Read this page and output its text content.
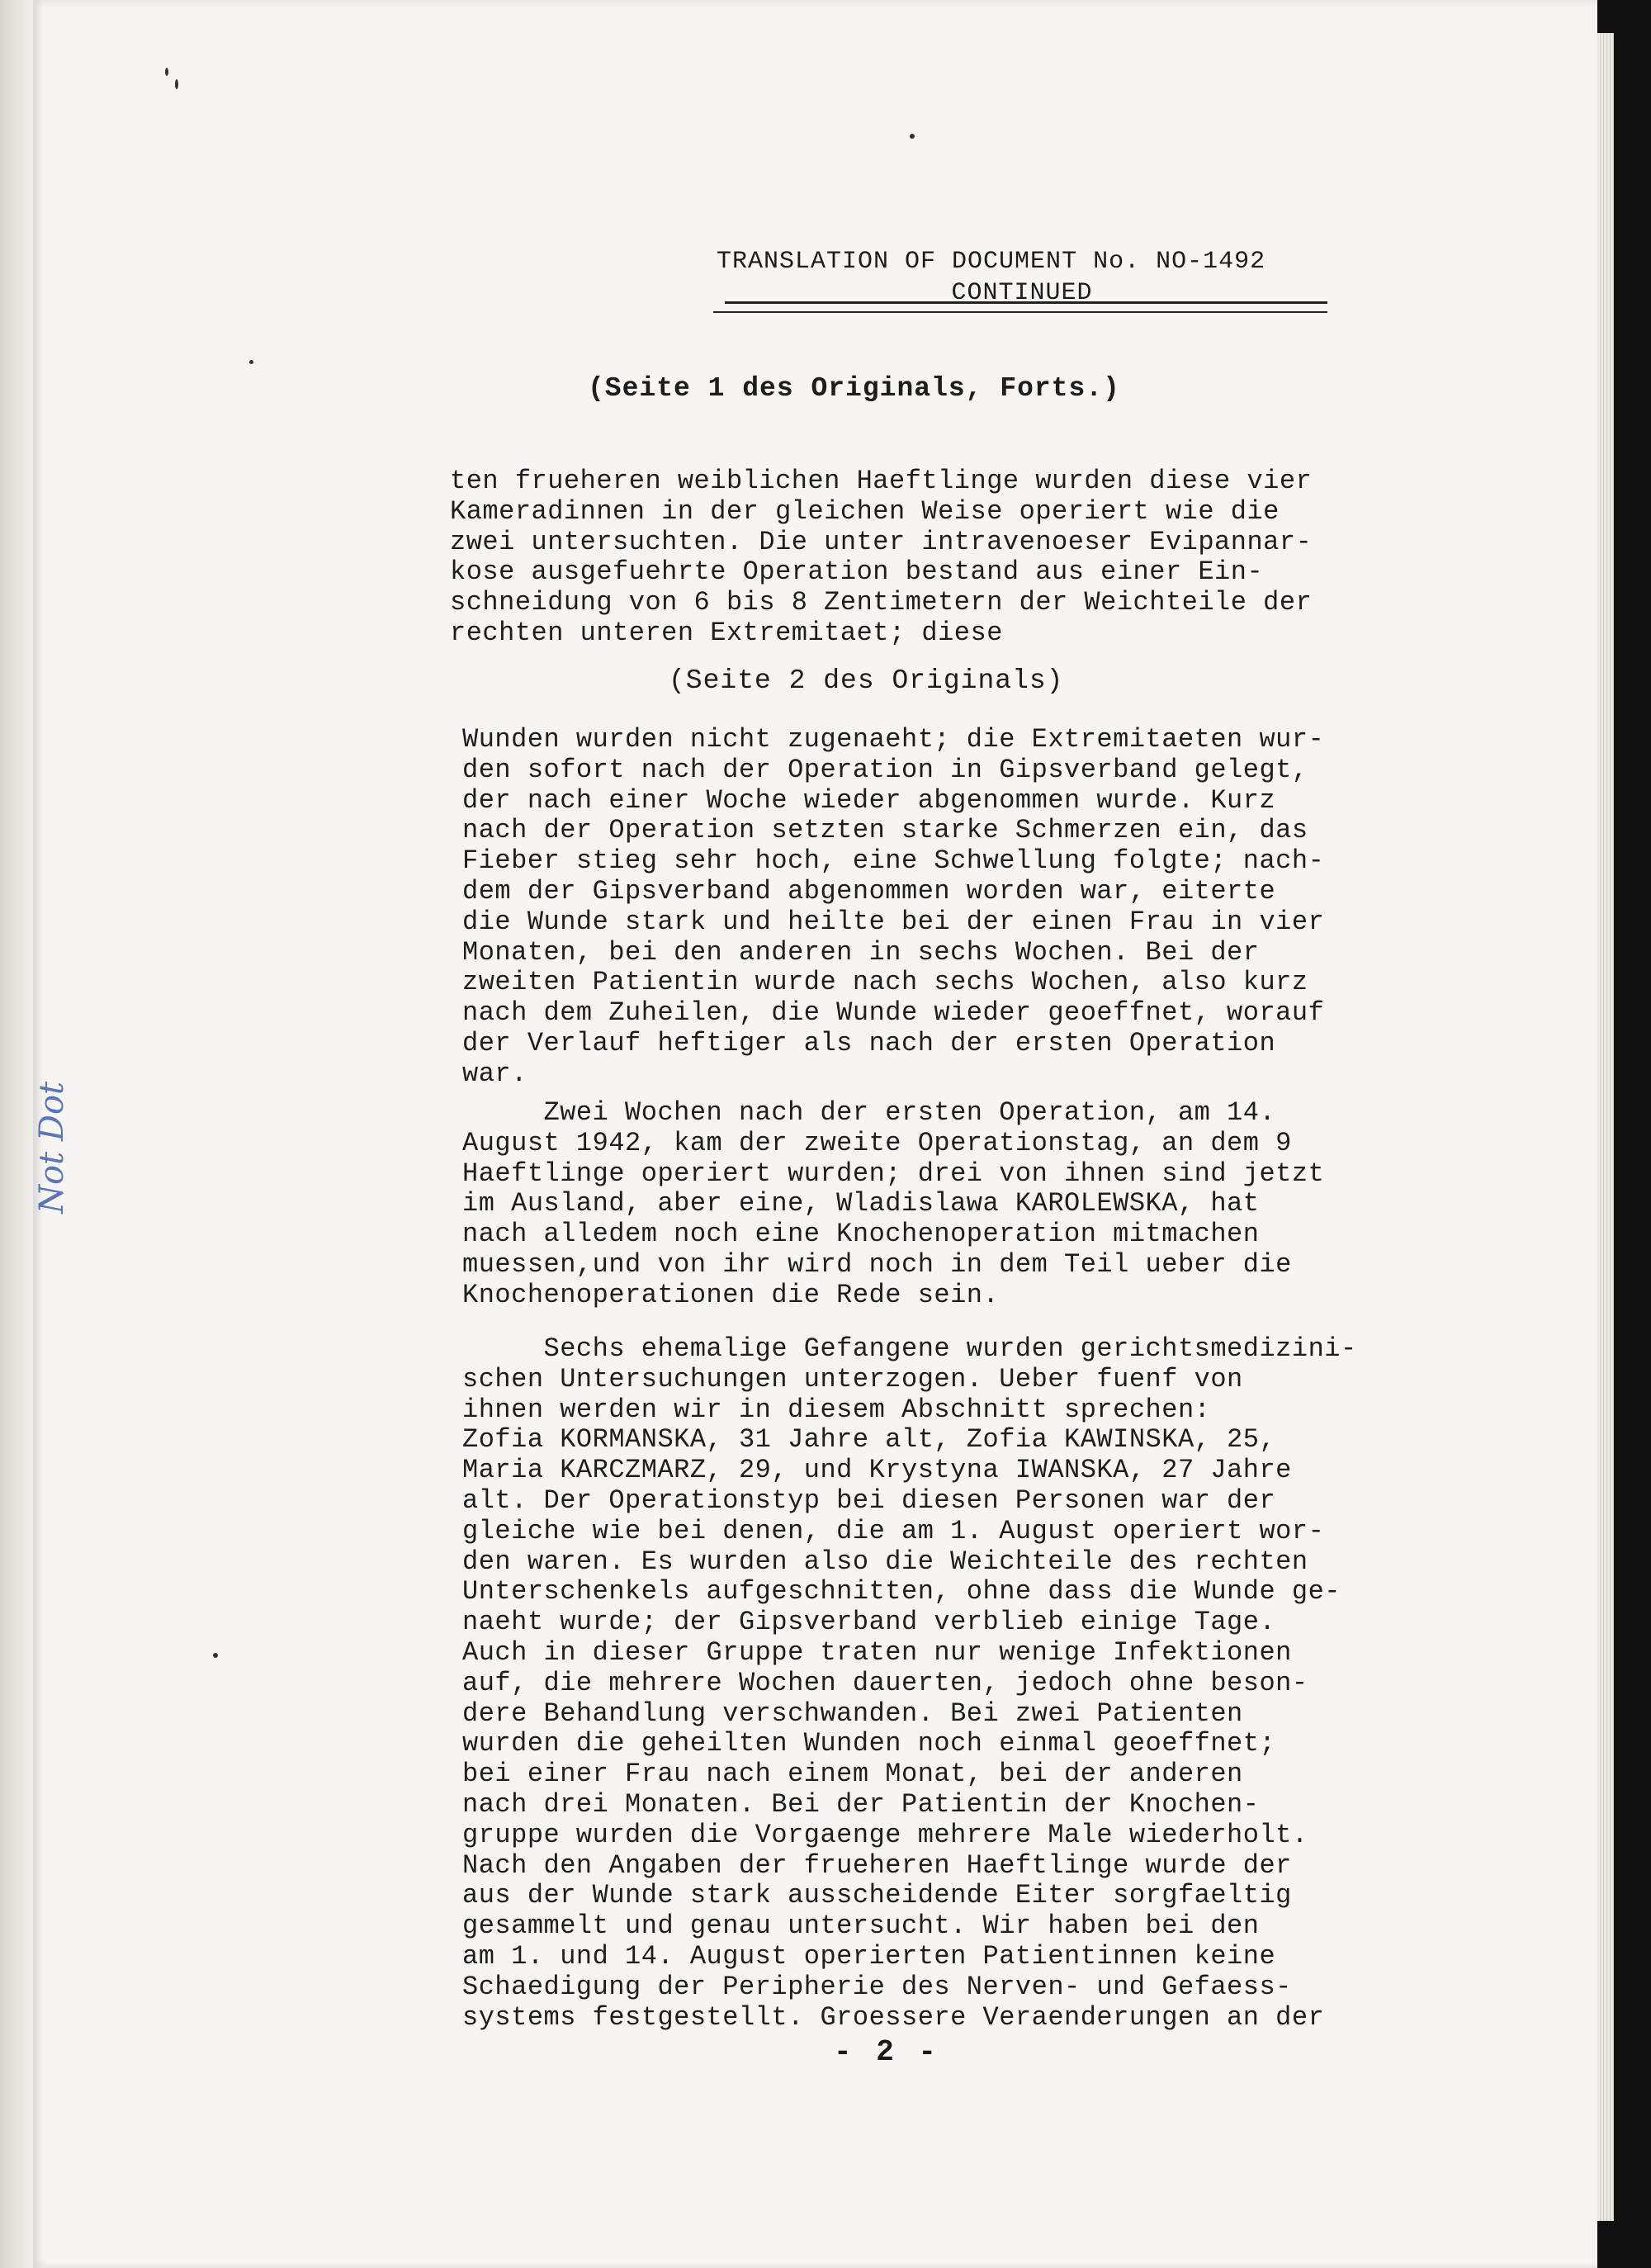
TRANSLATION OF DOCUMENT No. NO-1492
CONTINUED
(Seite 1 des Originals, Forts.)
ten frueheren weiblichen Haeftlinge wurden diese vier
Kameradinnen in der gleichen Weise operiert wie die
zwei untersuchten. Die unter intravenoeser Evipannar-
kose ausgefuehrte Operation bestand aus einer Ein-
schneidung von 6 bis 8 Zentimetern der Weichteile der
rechten unteren Extremitaet; diese
(Seite 2 des Originals)
Wunden wurden nicht zugenaeht; die Extremitaeten wur-
den sofort nach der Operation in Gipsverband gelegt,
der nach einer Woche wieder abgenommen wurde. Kurz
nach der Operation setzten starke Schmerzen ein, das
Fieber stieg sehr hoch, eine Schwellung folgte; nach-
dem der Gipsverband abgenommen worden war, eiterte
die Wunde stark und heilte bei der einen Frau in vier
Monaten, bei den anderen in sechs Wochen. Bei der
zweiten Patientin wurde nach sechs Wochen, also kurz
nach dem Zuheilen, die Wunde wieder geoeffnet, worauf
der Verlauf heftiger als nach der ersten Operation
war.
Zwei Wochen nach der ersten Operation, am 14.
August 1942, kam der zweite Operationstag, an dem 9
Haeftlinge operiert wurden; drei von ihnen sind jetzt
im Ausland, aber eine, Wladislawa KAROLEWSKA, hat
nach alledem noch eine Knochenoperation mitmachen
muessen,und von ihr wird noch in dem Teil ueber die
Knochenoperationen die Rede sein.
Sechs ehemalige Gefangene wurden gerichtsmedizini-
schen Untersuchungen unterzogen. Ueber fuenf von
ihnen werden wir in diesem Abschnitt sprechen:
Zofia KORMANSKA, 31 Jahre alt, Zofia KAWINSKA, 25,
Maria KARCZMARZ, 29, und Krystyna IWANSKA, 27 Jahre
alt. Der Operationstyp bei diesen Personen war der
gleiche wie bei denen, die am 1. August operiert wor-
den waren. Es wurden also die Weichteile des rechten
Unterschenkels aufgeschnitten, ohne dass die Wunde ge-
naeht wurde; der Gipsverband verblieb einige Tage.
Auch in dieser Gruppe traten nur wenige Infektionen
auf, die mehrere Wochen dauerten, jedoch ohne beson-
dere Behandlung verschwanden. Bei zwei Patienten
wurden die geheilten Wunden noch einmal geoeffnet;
bei einer Frau nach einem Monat, bei der anderen
nach drei Monaten. Bei der Patientin der Knochen-
gruppe wurden die Vorgaenge mehrere Male wiederholt.
Nach den Angaben der frueheren Haeftlinge wurde der
aus der Wunde stark ausscheidende Eiter sorgfaeltig
gesammelt und genau untersucht. Wir haben bei den
am 1. und 14. August operierten Patientinnen keine
Schaedigung der Peripherie des Nerven- und Gefaess-
systems festgestellt. Groessere Veraenderungen an der
- 2 -
Not Dot
